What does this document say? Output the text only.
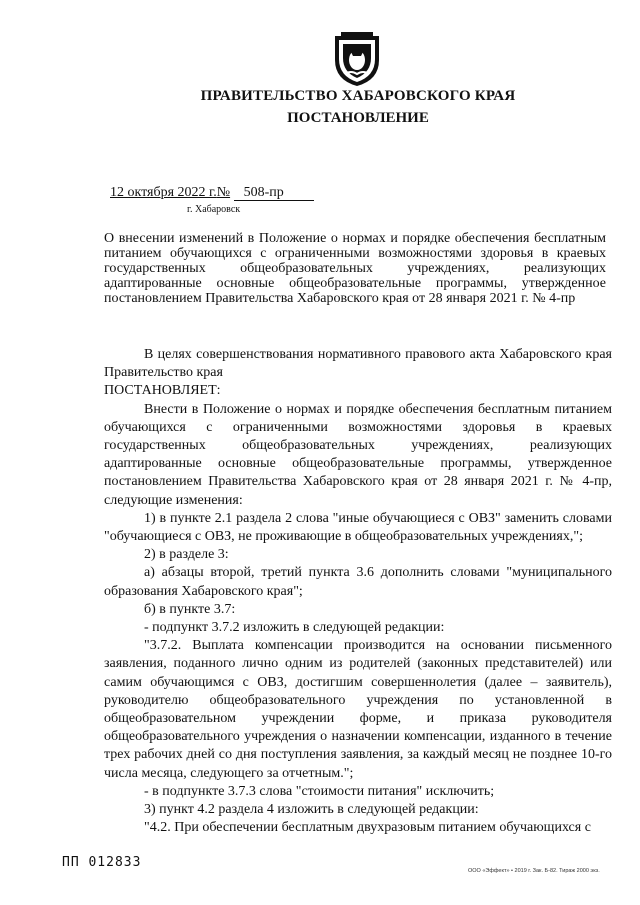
ПРАВИТЕЛЬСТВО ХАБАРОВСКОГО КРАЯ
ПОСТАНОВЛЕНИЕ
12 октября 2022 г.№ 508-пр
г. Хабаровск
О внесении изменений в Положение о нормах и порядке обеспечения бесплатным питанием обучающихся с ограниченными возможностями здоровья в краевых государственных общеобразовательных учреждениях, реализующих адаптированные основные общеобразовательные программы, утвержденное постановлением Правительства Хабаровского края от 28 января 2021 г. № 4-пр

В целях совершенствования нормативного правового акта Хабаровского края Правительство края

ПОСТАНОВЛЯЕТ:

Внести в Положение о нормах и порядке обеспечения бесплатным питанием обучающихся с ограниченными возможностями здоровья в краевых государственных общеобразовательных учреждениях, реализующих адаптированные основные общеобразовательные программы, утвержденное постановлением Правительства Хабаровского края от 28 января 2021 г. № 4-пр, следующие изменения:

1) в пункте 2.1 раздела 2 слова "иные обучающиеся с ОВЗ" заменить словами "обучающиеся с ОВЗ, не проживающие в общеобразовательных учреждениях,";

2) в разделе 3:

а) абзацы второй, третий пункта 3.6 дополнить словами "муниципального образования Хабаровского края";

б) в пункте 3.7:

- подпункт 3.7.2 изложить в следующей редакции:

"3.7.2. Выплата компенсации производится на основании письменного заявления, поданного лично одним из родителей (законных представителей) или самим обучающимся с ОВЗ, достигшим совершеннолетия (далее – заявитель), руководителю общеобразовательного учреждения по установленной в общеобразовательном учреждении форме, и приказа руководителя общеобразовательного учреждения о назначении компенсации, изданного в течение трех рабочих дней со дня поступления заявления, за каждый месяц не позднее 10-го числа месяца, следующего за отчетным.";

- в подпункте 3.7.3 слова "стоимости питания" исключить;

3) пункт 4.2 раздела 4 изложить в следующей редакции:

"4.2. При обеспечении бесплатным двухразовым питанием обучающихся с

ПП 012833
ООО «Эффект» • 2019 г. Зак. Б-82. Тираж 2000 экз.
